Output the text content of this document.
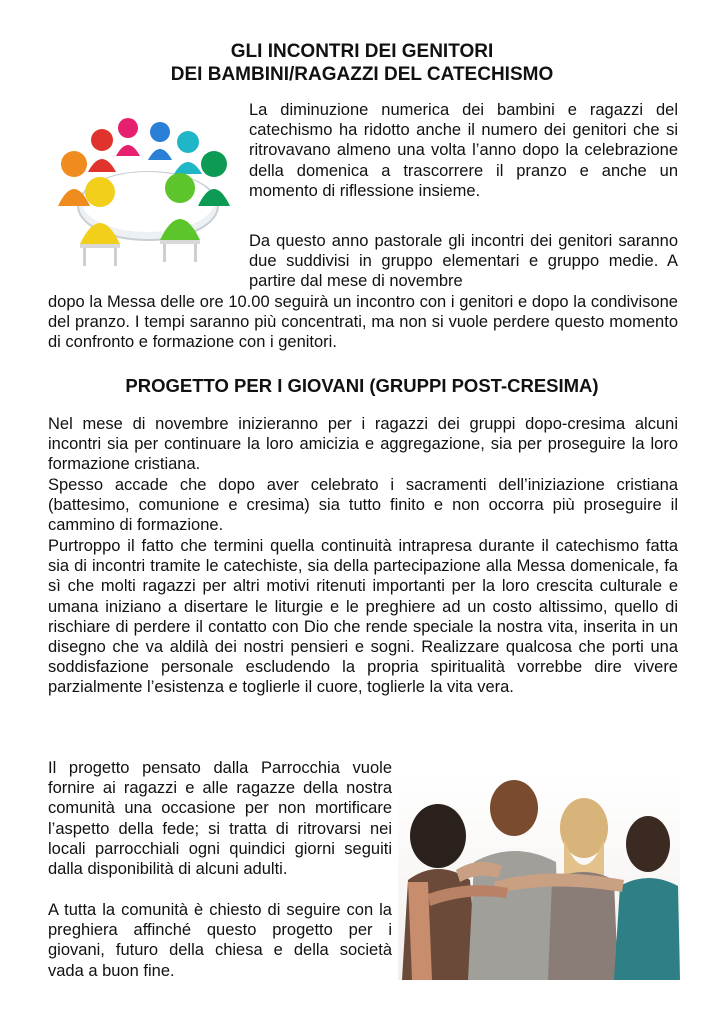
GLI INCONTRI DEI GENITORI
DEI BAMBINI/RAGAZZI DEL CATECHISMO

La diminuzione numerica dei bambini e ragazzi del catechismo ha ridotto anche il numero dei genitori che si ritrovavano almeno una volta l’anno dopo la celebrazione della domenica a trascorrere il pranzo e anche un momento di riflessione insieme.

Da questo anno pastorale gli incontri dei genitori saranno due suddivisi in gruppo elementari e gruppo medie. A partire dal mese di novembre

dopo la Messa delle ore 10.00 seguirà un incontro con i genitori e dopo la condivisone del pranzo. I tempi saranno più concentrati, ma non si vuole perdere questo momento di confronto e formazione con i genitori.

PROGETTO PER I GIOVANI (GRUPPI POST-CRESIMA)

Nel mese di novembre inizieranno per i ragazzi dei gruppi dopo-cresima alcuni incontri sia per continuare la loro amicizia e aggregazione, sia per proseguire la loro formazione cristiana.

Spesso accade che dopo aver celebrato i sacramenti dell’iniziazione cristiana (battesimo, comunione e cresima) sia tutto finito e non occorra più proseguire il cammino di formazione.

Purtroppo il fatto che termini quella continuità intrapresa durante il catechismo fatta sia di incontri tramite le catechiste, sia della partecipazione alla Messa domenicale, fa sì che molti ragazzi per altri motivi ritenuti importanti per la loro crescita culturale e umana iniziano a disertare le liturgie e le preghiere ad un costo altissimo, quello di rischiare di perdere il contatto con Dio che rende speciale la nostra vita, inserita in un disegno che va aldilà dei nostri pensieri e sogni. Realizzare qualcosa che porti una soddisfazione personale escludendo la propria spiritualità vorrebbe dire vivere parzialmente l’esistenza e toglierle il cuore, toglierle la vita vera.

Il progetto pensato dalla Parrocchia vuole fornire ai ragazzi e alle ragazze della nostra comunità una occasione per non mortificare l’aspetto della fede; si tratta di ritrovarsi nei locali parrocchiali ogni quindici giorni seguiti dalla disponibilità di alcuni adulti.

A tutta la comunità è chiesto di seguire con la preghiera affinché questo progetto per i giovani, futuro della chiesa e della società vada a buon fine.
